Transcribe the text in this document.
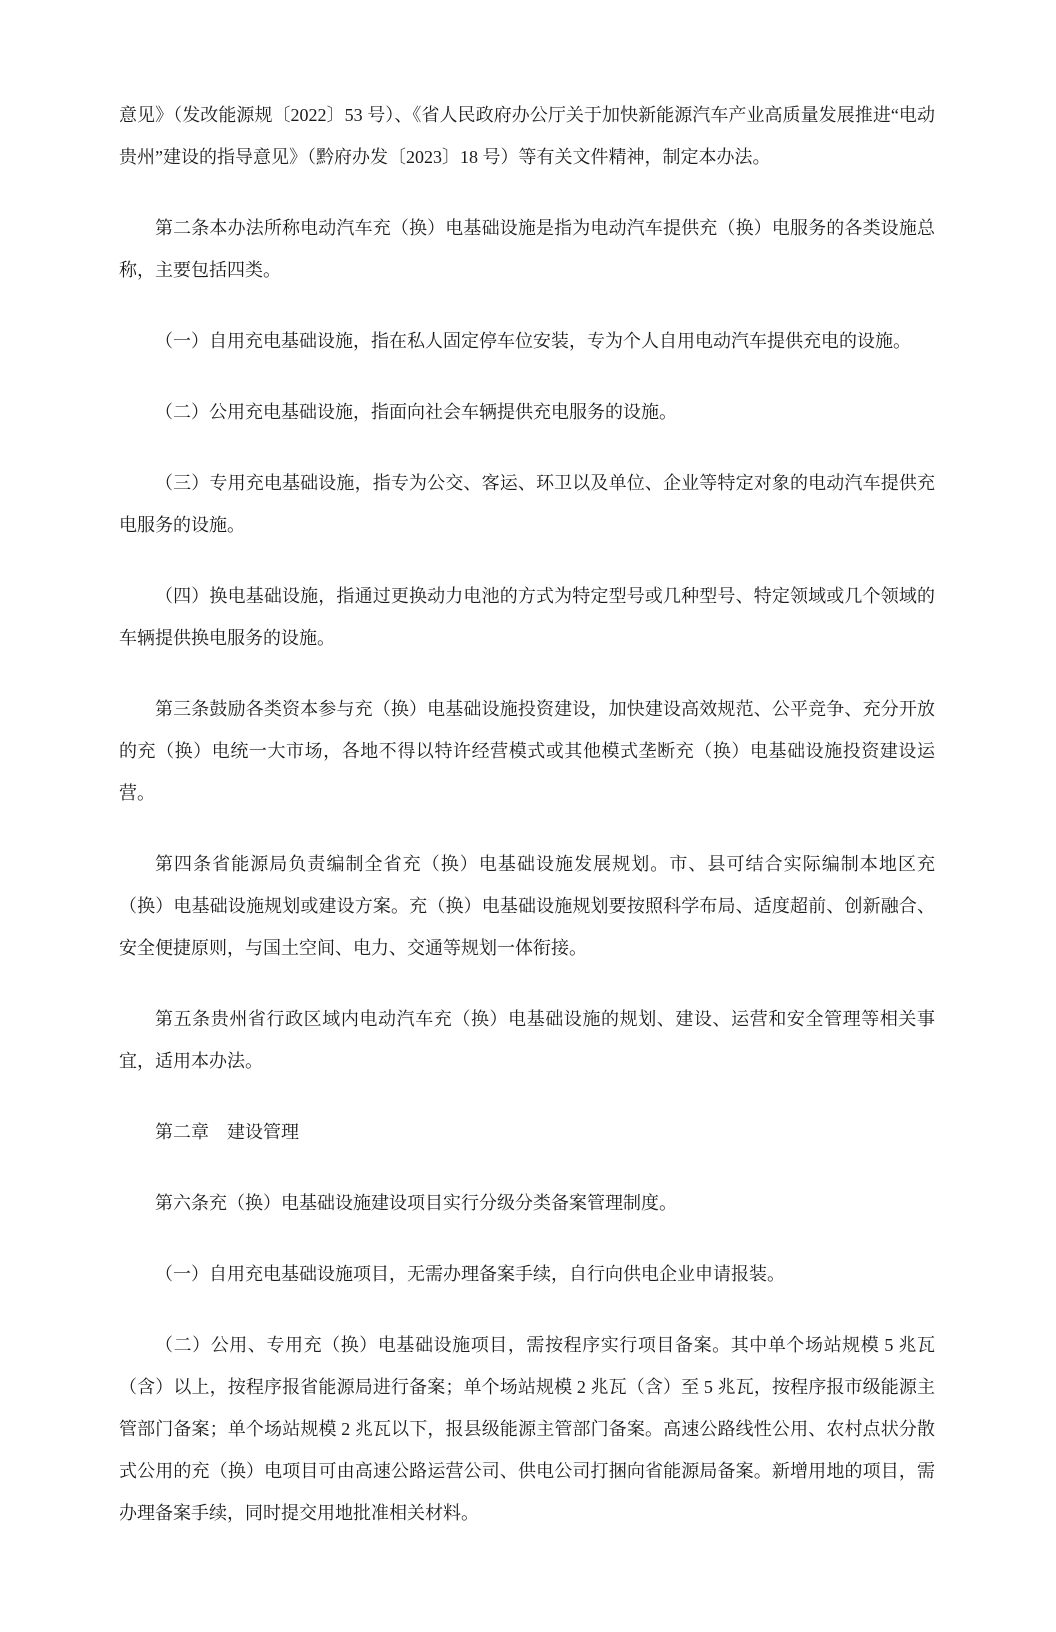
意见》（发改能源规〔2022〕53 号）、《省人民政府办公厅关于加快新能源汽车产业高质量发展推进“电动贵州”建设的指导意见》（黔府办发〔2023〕18 号）等有关文件精神，制定本办法。

第二条本办法所称电动汽车充（换）电基础设施是指为电动汽车提供充（换）电服务的各类设施总称，主要包括四类。

（一）自用充电基础设施，指在私人固定停车位安装，专为个人自用电动汽车提供充电的设施。

（二）公用充电基础设施，指面向社会车辆提供充电服务的设施。

（三）专用充电基础设施，指专为公交、客运、环卫以及单位、企业等特定对象的电动汽车提供充电服务的设施。

（四）换电基础设施，指通过更换动力电池的方式为特定型号或几种型号、特定领域或几个领域的车辆提供换电服务的设施。

第三条鼓励各类资本参与充（换）电基础设施投资建设，加快建设高效规范、公平竞争、充分开放的充（换）电统一大市场，各地不得以特许经营模式或其他模式垄断充（换）电基础设施投资建设运营。

第四条省能源局负责编制全省充（换）电基础设施发展规划。市、县可结合实际编制本地区充（换）电基础设施规划或建设方案。充（换）电基础设施规划要按照科学布局、适度超前、创新融合、安全便捷原则，与国土空间、电力、交通等规划一体衔接。

第五条贵州省行政区域内电动汽车充（换）电基础设施的规划、建设、运营和安全管理等相关事宜，适用本办法。

第二章　建设管理

第六条充（换）电基础设施建设项目实行分级分类备案管理制度。

（一）自用充电基础设施项目，无需办理备案手续，自行向供电企业申请报装。

（二）公用、专用充（换）电基础设施项目，需按程序实行项目备案。其中单个场站规模 5 兆瓦（含）以上，按程序报省能源局进行备案；单个场站规模 2 兆瓦（含）至 5 兆瓦，按程序报市级能源主管部门备案；单个场站规模 2 兆瓦以下，报县级能源主管部门备案。高速公路线性公用、农村点状分散式公用的充（换）电项目可由高速公路运营公司、供电公司打捆向省能源局备案。新增用地的项目，需办理备案手续，同时提交用地批准相关材料。
